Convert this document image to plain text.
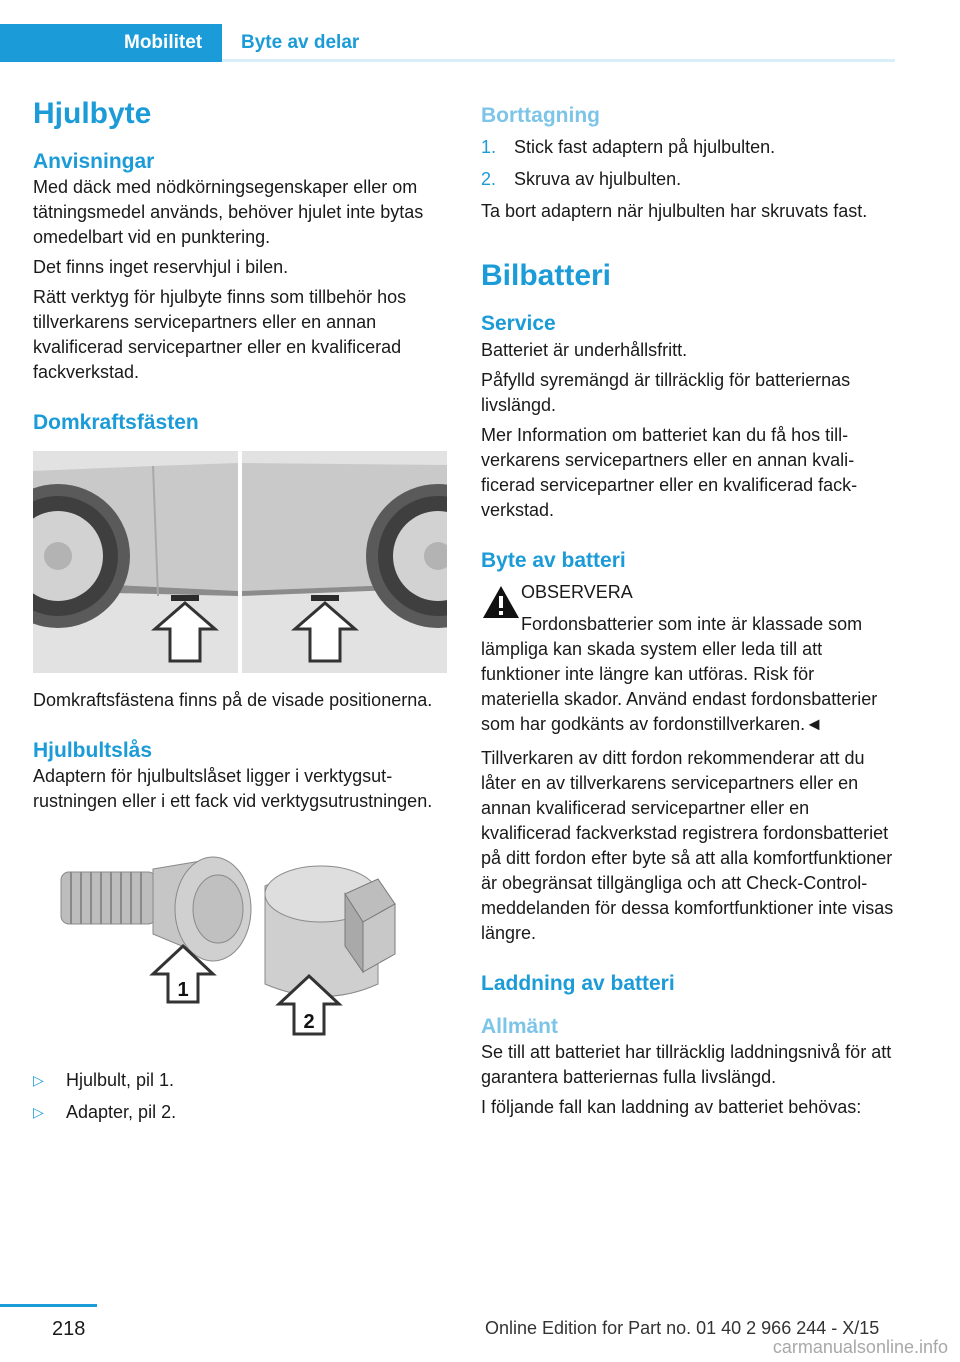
Mobilitet	Byte av delar
Hjulbyte
Anvisningar

Med däck med nödkörningsegenskaper eller om tätningsmedel används, behöver hjulet inte bytas omedelbart vid en punktering.

Det finns inget reservhjul i bilen.

Rätt verktyg för hjulbyte finns som tillbehör hos tillverkarens servicepartners eller en annan kvalificerad servicepartner eller en kvalificerad fackverkstad.

Domkraftsfästen

Domkraftsfästena finns på de visade positionerna.

Hjulbultslås

Adaptern för hjulbultslåset ligger i verktygsutrustningen eller i ett fack vid verktygsutrustningen.

1
2
▷	Hjulbult, pil 1.
▷	Adapter, pil 2.
Borttagning
1. Stick fast adaptern på hjulbulten.
2. Skruva av hjulbulten.

Ta bort adaptern när hjulbulten har skruvats fast.

Bilbatteri
Service

Batteriet är underhållsfritt.

Påfylld syremängd är tillräcklig för batteriernas livslängd.

Mer Information om batteriet kan du få hos tillverkarens servicepartners eller en annan kvalificerad servicepartner eller en kvalificerad fackverkstad.

Byte av batteri
OBSERVERA

Fordonsbatterier som inte är klassade som lämpliga kan skada system eller leda till att funktioner inte längre kan utföras. Risk för materiella skador. Använd endast fordonsbatterier som har godkänts av fordonstillverkaren.◄

Tillverkaren av ditt fordon rekommenderar att du låter en av tillverkarens servicepartners eller en annan kvalificerad servicepartner eller en kvalificerad fackverkstad registrera fordonsbatteriet på ditt fordon efter byte så att alla komfortfunktioner är obegränsat tillgängliga och att Check-Control-meddelanden för dessa komfortfunktioner inte visas längre.

Laddning av batteri
Allmänt

Se till att batteriet har tillräcklig laddningsnivå för att garantera batteriernas fulla livslängd.

I följande fall kan laddning av batteriet behövas:

218	Online Edition for Part no. 01 40 2 966 244 - X/15
carmanualsonline.info
